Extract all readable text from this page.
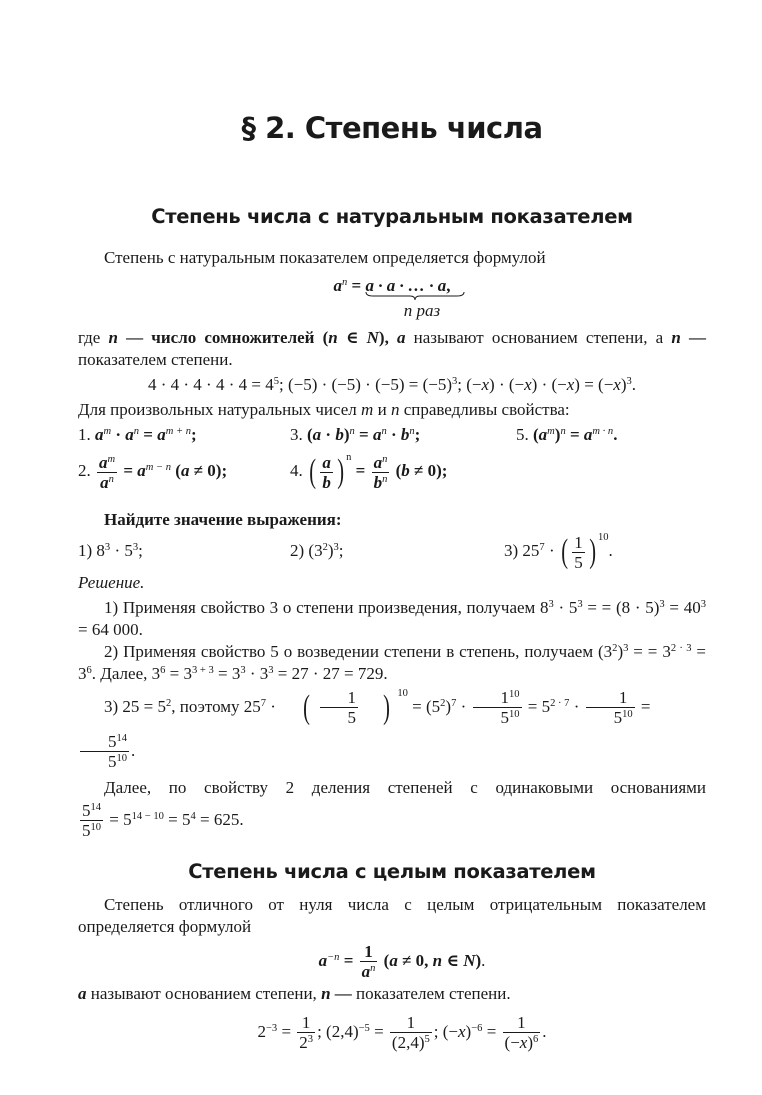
§ 2. Степень числа
Степень числа с натуральным показателем
Степень с натуральным показателем определяется формулой
$a^n = a \cdot a$ · … · a
,
n раз
где n — число сомножителей (n ∈ N), a называют основанием степени, а n — показателем степени.
$4 \cdot 4 \cdot 4 \cdot 4 \cdot 4 = 4^5$; $(-5) \cdot (-5) \cdot (-5) = (-5)^3$; $(-x) \cdot (-x) \cdot (-x) = (-x)^3$.
Для произвольных натуральных чисел m и n справедливы свойства:
1. $a^m \cdot a^n = a^{m + n}$;	3. $(a \cdot b)^n = a^n \cdot b^n$;	5. $(a^m)^n = a^{m \cdot n}$.
2. $\frac{a^m}{a^n} = a^{m - n}$ (a ≠ 0);	4. ( $\frac{a}{b}$ ) $^n = \frac{a^n}{b^n} (b \ne 0)$;
Найдите значение выражения:
1) $8^3 \cdot 5^3$;	2) $(3^2)^3$;	3) $25^7$ · ( $\frac{1}{5}$ ) $^{10}$.
Решение.
1) Применяя свойство 3 о степени произведения, получаем $8^3 \cdot 5^3$ = = $(8 \cdot 5)^3 = 40^3 = 64$ 000.
2) Применяя свойство 5 о возведении степени в степень, получаем $(3^2)^3$ = = $3^{2 \cdot 3} = 3^6$. Далее, $3^6 = 3^{3 + 3} = 3^3 \cdot 3^3 = 27 \cdot 27 = 729$.
3) $25 = 5^2$, поэтому $25^7$ · ( $\frac{1}{5}$ ) $^{10} = (5^2)^7 \cdot \frac{1^{10}}{5^{10}} = 5^{2 \cdot 7} \cdot \frac{1}{5^{10}}$ =
$\frac{5^{14}}{5^{10}}$ .
Далее, по свойству 2 деления степеней с одинаковыми основаниями
$\frac{5^{14}}{5^{10}} = 5^{14 - 10} = 5^4 = 625$.
Степень числа с целым показателем
Степень отличного от нуля числа с целым отрицательным показателем определяется формулой
$a^{-n} = \frac{1}{a^n} (a \ne 0$, n ∈ N).
a называют основанием степени, n — показателем степени.
$2^{-3} = \frac{1}{2^3}$ ; $(2,4)^{-5} = \frac{1}{(2,4)^5}$ ; $(-x)^{-6} = \frac{1}{(-x)^6}$ .
